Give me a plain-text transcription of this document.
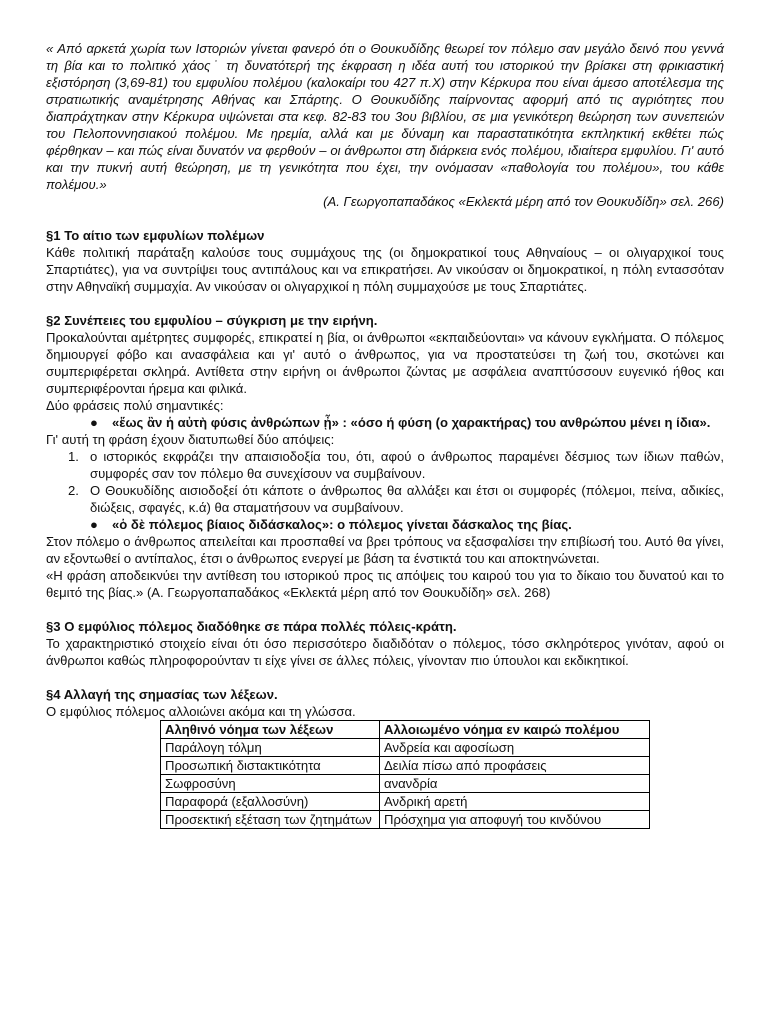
« Από αρκετά χωρία των Ιστοριών γίνεται φανερό ότι ο Θουκυδίδης θεωρεί τον πόλεμο σαν μεγάλο δεινό που γεννά τη βία και το πολιτικό χάος˙ τη δυνατότερή της έκφραση η ιδέα αυτή του ιστορικού την βρίσκει στη φρικιαστική εξιστόρηση (3,69-81) του εμφυλίου πολέμου (καλοκαίρι του 427 π.Χ) στην Κέρκυρα που είναι άμεσο αποτέλεσμα της στρατιωτικής αναμέτρησης Αθήνας και Σπάρτης. Ο Θουκυδίδης παίρνοντας αφορμή από τις αγριότητες που διαπράχτηκαν στην Κέρκυρα υψώνεται στα κεφ. 82-83 του 3ου βιβλίου, σε μια γενικότερη θεώρηση των συνεπειών του Πελοποννησιακού πολέμου. Με ηρεμία, αλλά και με δύναμη και παραστατικότητα εκπληκτική εκθέτει πώς φέρθηκαν – και πώς είναι δυνατόν να φερθούν – οι άνθρωποι στη διάρκεια ενός πολέμου, ιδιαίτερα εμφυλίου. Γι' αυτό και την πυκνή αυτή θεώρηση, με τη γενικότητα που έχει, την ονόμασαν «παθολογία του πολέμου», του κάθε πολέμου.»

(Α. Γεωργοπαπαδάκος «Εκλεκτά μέρη από τον Θουκυδίδη» σελ. 266)

§1 Το αίτιο των εμφυλίων πολέμων

Κάθε πολιτική παράταξη καλούσε τους συμμάχους της (οι δημοκρατικοί τους Αθηναίους – οι ολιγαρχικοί τους Σπαρτιάτες), για να συντρίψει τους αντιπάλους και να επικρατήσει. Αν νικούσαν οι δημοκρατικοί, η πόλη εντασσόταν στην Αθηναϊκή συμμαχία. Αν νικούσαν οι ολιγαρχικοί η πόλη συμμαχούσε με τους Σπαρτιάτες.

§2 Συνέπειες του εμφυλίου – σύγκριση με την ειρήνη.

Προκαλούνται αμέτρητες συμφορές, επικρατεί η βία, οι άνθρωποι «εκπαιδεύονται» να κάνουν εγκλήματα. Ο πόλεμος δημιουργεί φόβο και ανασφάλεια και γι' αυτό ο άνθρωπος, για να προστατεύσει τη ζωή του, σκοτώνει και συμπεριφέρεται σκληρά. Αντίθετα στην ειρήνη οι άνθρωποι ζώντας με ασφάλεια αναπτύσσουν ευγενικό ήθος και συμπεριφέρονται ήρεμα και φιλικά.

Δύο φράσεις πολύ σημαντικές:

●	«ἕως ἂν ἡ αὐτὴ φύσις ἀνθρώπων ᾖ» : «όσο ή φύση (ο χαρακτήρας) του ανθρώπου μένει η ίδια».

Γι' αυτή τη φράση έχουν διατυπωθεί δύο απόψεις:

1. ο ιστορικός εκφράζει την απαισιοδοξία του, ότι, αφού ο άνθρωπος παραμένει δέσμιος των ίδιων παθών, συμφορές σαν τον πόλεμο θα συνεχίσουν να συμβαίνουν.
2. Ο Θουκυδίδης αισιοδοξεί ότι κάποτε ο άνθρωπος θα αλλάξει και έτσι οι συμφορές (πόλεμοι, πείνα, αδικίες, διώξεις, σφαγές, κ.ά) θα σταματήσουν να συμβαίνουν.
●	«ὁ δὲ πόλεμος βίαιος διδάσκαλος»: ο πόλεμος γίνεται δάσκαλος της βίας.

Στον πόλεμο ο άνθρωπος απειλείται και προσπαθεί να βρει τρόπους να εξασφαλίσει την επιβίωσή του. Αυτό θα γίνει, αν εξοντωθεί ο αντίπαλος, έτσι ο άνθρωπος ενεργεί με βάση τα ένστικτά του και αποκτηνώνεται.

«Η φράση αποδεικνύει την αντίθεση του ιστορικού προς τις απόψεις του καιρού του για το δίκαιο του δυνατού και το θεμιτό της βίας.» (Α. Γεωργοπαπαδάκος «Εκλεκτά μέρη από τον Θουκυδίδη» σελ. 268)

§3 Ο εμφύλιος πόλεμος διαδόθηκε σε πάρα πολλές πόλεις-κράτη.

Το χαρακτηριστικό στοιχείο είναι ότι όσο περισσότερο διαδιδόταν ο πόλεμος, τόσο σκληρότερος γινόταν, αφού οι άνθρωποι καθώς πληροφορούνταν τι είχε γίνει σε άλλες πόλεις, γίνονταν πιο ύπουλοι και εκδικητικοί.

§4 Αλλαγή της σημασίας των λέξεων.

Ο εμφύλιος πόλεμος αλλοιώνει ακόμα και τη γλώσσα.

Αληθινό νόημα των λέξεων	Αλλοιωμένο νόημα εν καιρώ πολέμου
Παράλογη τόλμη	Ανδρεία και αφοσίωση
Προσωπική διστακτικότητα	Δειλία πίσω από προφάσεις
Σωφροσύνη	ανανδρία
Παραφορά (εξαλλοσύνη)	Ανδρική αρετή
Προσεκτική εξέταση των ζητημάτων	Πρόσχημα για αποφυγή του κινδύνου
